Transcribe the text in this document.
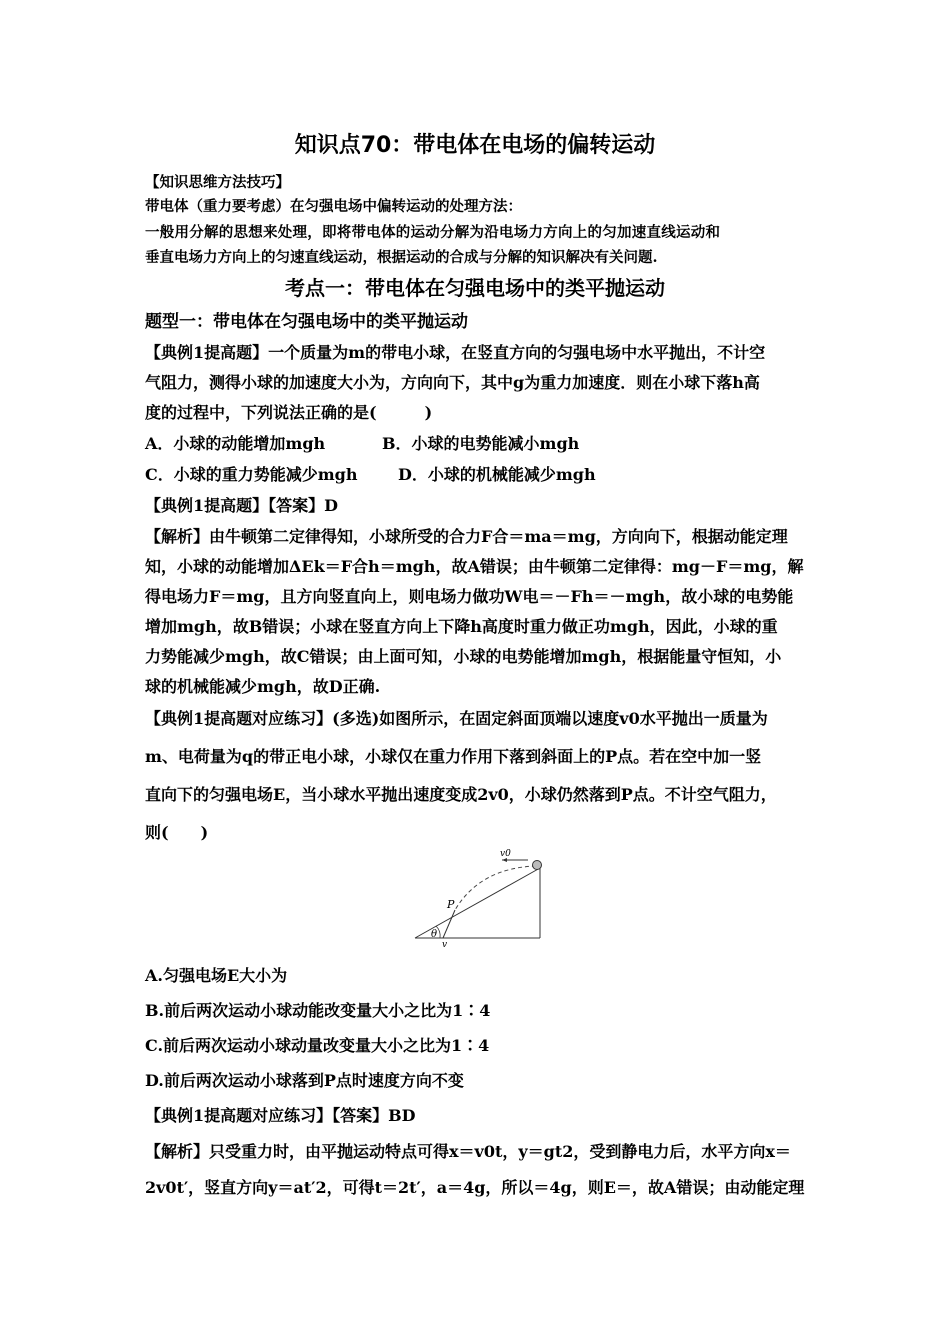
知识点70：带电体在电场的偏转运动
【知识思维方法技巧】
带电体（重力要考虑）在匀强电场中偏转运动的处理方法：
一般用分解的思想来处理，即将带电体的运动分解为沿电场力方向上的匀加速直线运动和
垂直电场力方向上的匀速直线运动，根据运动的合成与分解的知识解决有关问题.
考点一：带电体在匀强电场中的类平抛运动
题型一：带电体在匀强电场中的类平抛运动
【典例1提高题】一个质量为m的带电小球，在竖直方向的匀强电场中水平抛出，不计空
气阻力，测得小球的加速度大小为，方向向下，其中g为重力加速度．则在小球下落h高
度的过程中，下列说法正确的是(　　　)
A．小球的动能增加mgh	B．小球的电势能减小mgh
C．小球的重力势能减少mgh	D．小球的机械能减少mgh
【典例1提高题】【答案】D
【解析】由牛顿第二定律得知，小球所受的合力F合＝ma＝mg，方向向下，根据动能定理
知，小球的动能增加ΔEk＝F合h＝mgh，故A错误；由牛顿第二定律得：mg－F＝mg，解
得电场力F＝mg，且方向竖直向上，则电场力做功W电＝－Fh＝－mgh，故小球的电势能
增加mgh，故B错误；小球在竖直方向上下降h高度时重力做正功mgh，因此，小球的重
力势能减少mgh，故C错误；由上面可知，小球的电势能增加mgh，根据能量守恒知，小
球的机械能减少mgh，故D正确.
【典例1提高题对应练习】(多选)如图所示，在固定斜面顶端以速度v0水平抛出一质量为
m、电荷量为q的带正电小球，小球仅在重力作用下落到斜面上的P点。若在空中加一竖
直向下的匀强电场E，当小球水平抛出速度变成2v0，小球仍然落到P点。不计空气阻力，
则(　　)
v0
P
v
θ
A.匀强电场E大小为
B.前后两次运动小球动能改变量大小之比为1∶4
C.前后两次运动小球动量改变量大小之比为1∶4
D.前后两次运动小球落到P点时速度方向不变
【典例1提高题对应练习】【答案】BD
【解析】只受重力时，由平抛运动特点可得x＝v0t，y＝gt2，受到静电力后，水平方向x＝
2v0t′，竖直方向y＝at′2，可得t＝2t′，a＝4g，所以＝4g，则E＝，故A错误；由动能定理
